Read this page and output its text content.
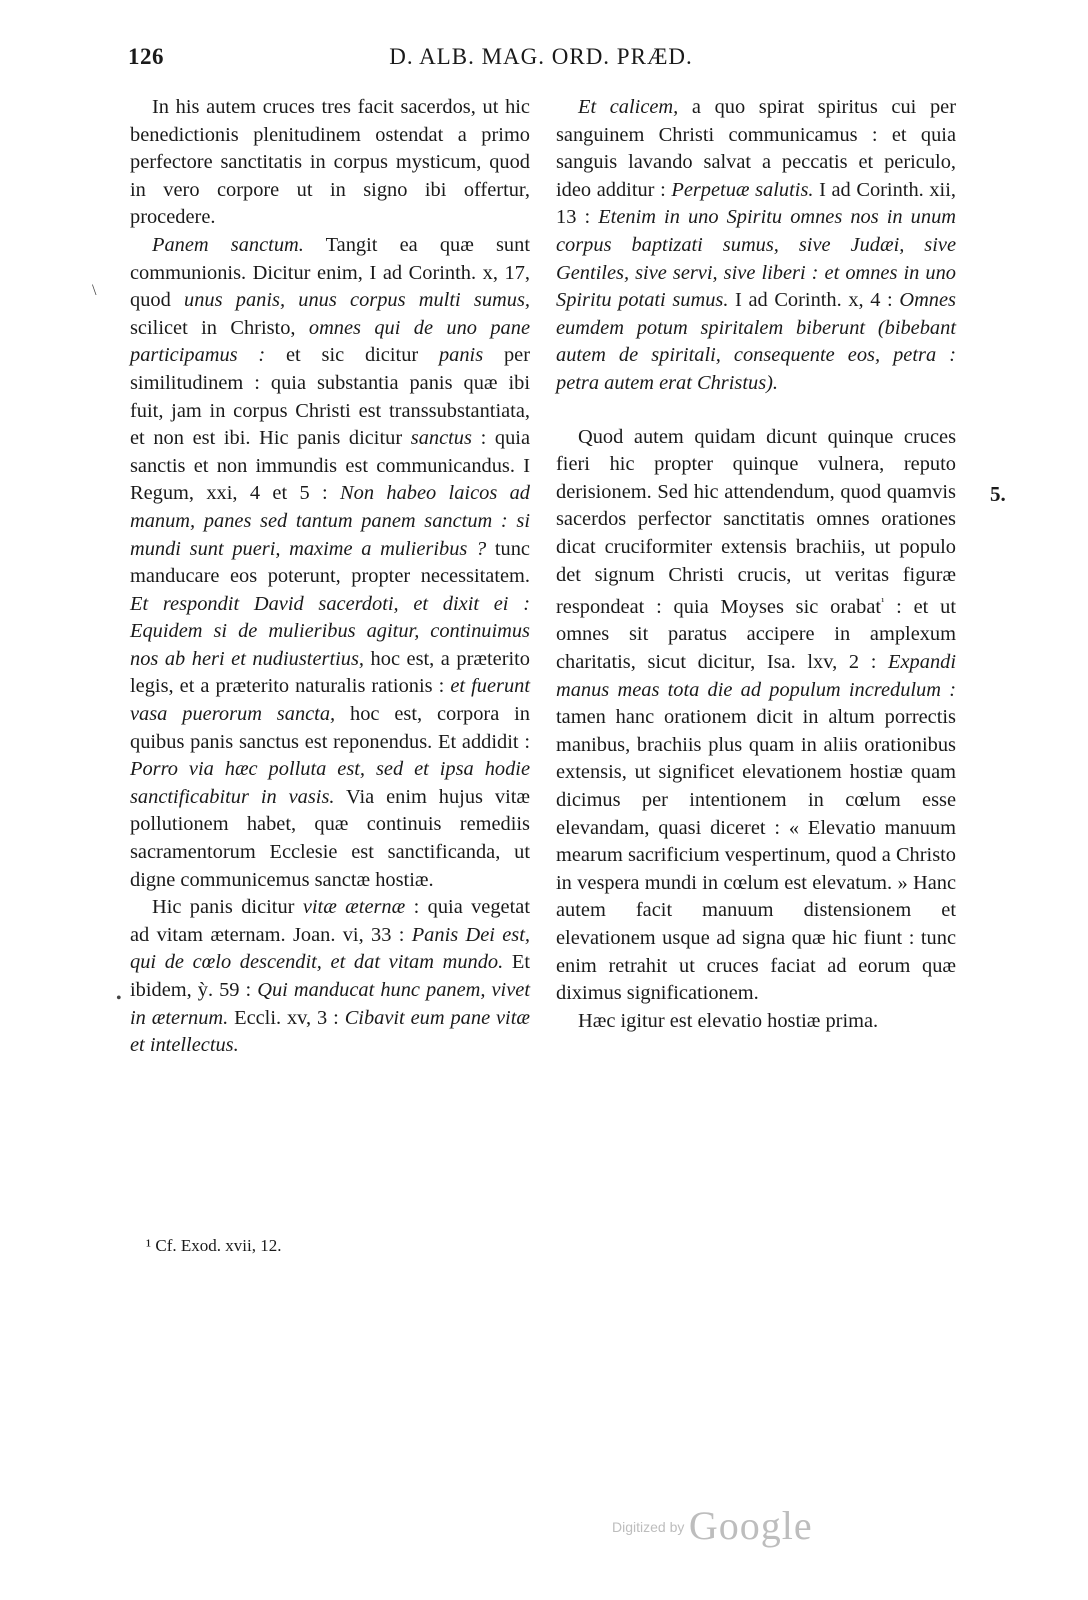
126	D. ALB. MAG. ORD. PRÆD.

In his autem cruces tres facit sacerdos, ut hic benedictionis plenitudinem ostendat a primo perfectore sanctitatis in corpus mysticum, quod in vero corpore ut in signo ibi offertur, procedere.

Panem sanctum. Tangit ea quæ sunt communionis. Dicitur enim, I ad Corinth. x, 17, quod unus panis, unus corpus multi sumus, scilicet in Christo, omnes qui de uno pane participamus : et sic dicitur panis per similitudinem : quia substantia panis quæ ibi fuit, jam in corpus Christi est transsubstantiata, et non est ibi. Hic panis dicitur sanctus : quia sanctis et non immundis est communicandus. I Regum, xxi, 4 et 5 : Non habeo laicos ad manum, panes sed tantum panem sanctum : si mundi sunt pueri, maxime a mulieribus ? tunc manducare eos poterunt, propter necessitatem. Et respondit David sacerdoti, et dixit ei : Equidem si de mulieribus agitur, continuimus nos ab heri et nudiustertius, hoc est, a præterito legis, et a præterito naturalis rationis : et fuerunt vasa puerorum sancta, hoc est, corpora in quibus panis sanctus est reponendus. Et addidit : Porro via hæc polluta est, sed et ipsa hodie sanctificabitur in vasis. Via enim hujus vitæ pollutionem habet, quæ continuis remediis sacramentorum Ecclesie est sanctificanda, ut digne communicemus sanctæ hostiæ.

Hic panis dicitur vitæ æternæ : quia vegetat ad vitam æternam. Joan. vi, 33 : Panis Dei est, qui de cœlo descendit, et dat vitam mundo. Et ibidem, ỳ. 59 : Qui manducat hunc panem, vivet in æternum. Eccli. xv, 3 : Cibavit eum pane vitæ et intellectus.

Et calicem, a quo spirat spiritus cui per sanguinem Christi communicamus : et quia sanguis lavando salvat a peccatis et periculo, ideo additur : Perpetuæ salutis. I ad Corinth. xii, 13 : Etenim in uno Spiritu omnes nos in unum corpus baptizati sumus, sive Judæi, sive Gentiles, sive servi, sive liberi : et omnes in uno Spiritu potati sumus. I ad Corinth. x, 4 : Omnes eumdem potum spiritalem biberunt (bibebant autem de spiritali, consequente eos, petra : petra autem erat Christus).

Quod autem quidam dicunt quinque cruces fieri hic propter quinque vulnera, reputo derisionem. Sed hic attendendum, quod quamvis sacerdos perfector sanctitatis omnes orationes dicat cruciformiter extensis brachiis, ut populo det signum Christi crucis, ut veritas figuræ respondeat : quia Moyses sic orabat$^{^1}$ : et ut omnes sit paratus accipere in amplexum charitatis, sicut dicitur, Isa. lxv, 2 : Expandi manus meas tota die ad populum incredulum : tamen hanc orationem dicit in altum porrectis manibus, brachiis plus quam in aliis orationibus extensis, ut significet elevationem hostiæ quam dicimus per intentionem in cœlum esse elevandam, quasi diceret : « Elevatio manuum mearum sacrificium vespertinum, quod a Christo in vespera mundi in cœlum est elevatum. » Hanc autem facit manuum distensionem et elevationem usque ad signa quæ hic fiunt : tunc enim retrahit ut cruces faciat ad eorum quæ diximus significationem.

Hæc igitur est elevatio hostiæ prima.

5.
¹ Cf. Exod. xvii, 12.
\
•
Digitized by Google
